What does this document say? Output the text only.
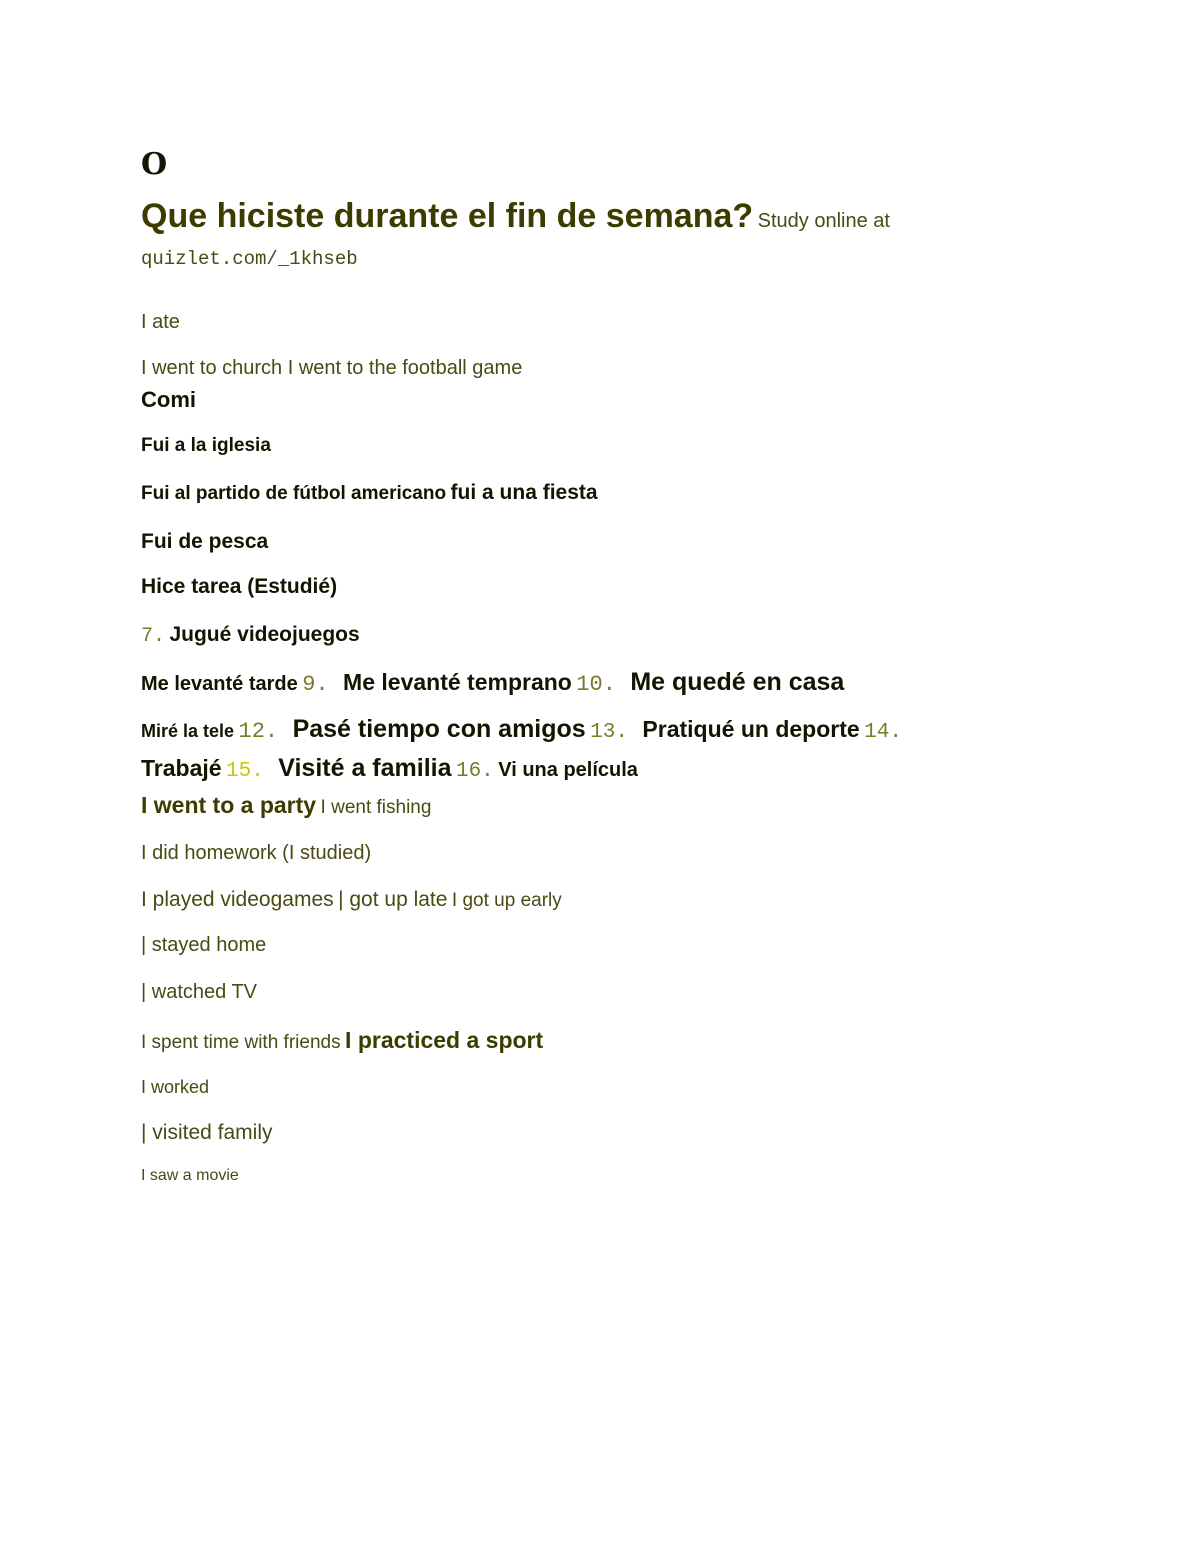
O
Que hiciste durante el fin de semana? Study online at
quizlet.com/_1khseb
I ate
I went to church I went to the football game
Comi
Fui a la iglesia
Fui al partido de fútbol americano fui a una fiesta
Fui de pesca
Hice tarea (Estudié)
7. Jugué videojuegos
Me levanté tarde 9. Me levanté temprano 10. Me quedé en casa
Miré la tele 12. Pasé tiempo con amigos 13. Pratiqué un deporte 14.
Trabajé 15. Visité a familia 16. Vi una película
I went to a party I went fishing
I did homework (I studied)
I played videogames | got up late I got up early
| stayed home
| watched TV
I spent time with friends I practiced a sport
I worked
| visited family
I saw a movie
